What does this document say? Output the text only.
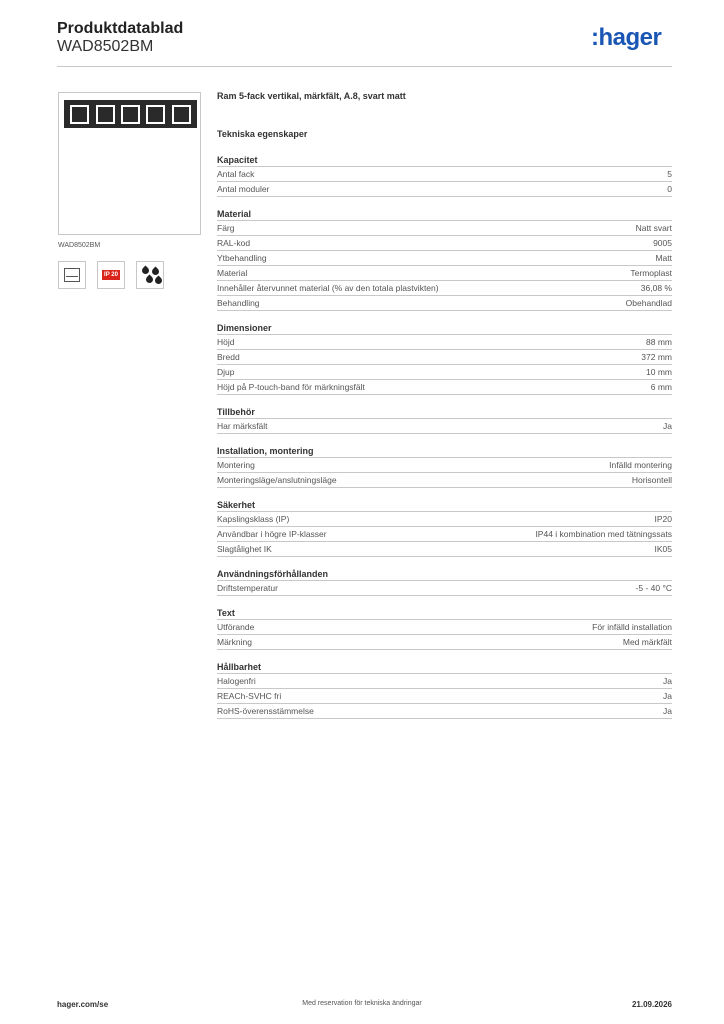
Produktdatablad
WAD8502BM	:hager
WAD8502BM
IP 20
Ram 5-fack vertikal, märkfält, A.8, svart matt
Tekniska egenskaper
Kapacitet
Antal fack	5
Antal moduler	0
Material
Färg	Natt svart
RAL-kod	9005
Ytbehandling	Matt
Material	Termoplast
Innehåller återvunnet material (% av den totala plastvikten)	36,08 %
Behandling	Obehandlad
Dimensioner
Höjd	88 mm
Bredd	372 mm
Djup	10 mm
Höjd på P-touch-band för märkningsfält	6 mm
Tillbehör
Har märksfält	Ja
Installation, montering
Montering	Infälld montering
Monteringsläge/anslutningsläge	Horisontell
Säkerhet
Kapslingsklass (IP)	IP20
Användbar i högre IP-klasser	IP44 i kombination med tätningssats
Slagtålighet IK	IK05
Användningsförhållanden
Driftstemperatur	-5 - 40 °C
Text
Utförande	För infälld installation
Märkning	Med märkfält
Hållbarhet
Halogenfri	Ja
REACh-SVHC fri	Ja
RoHS-överensstämmelse	Ja
hager.com/se	Med reservation för tekniska ändringar	21.09.2026
